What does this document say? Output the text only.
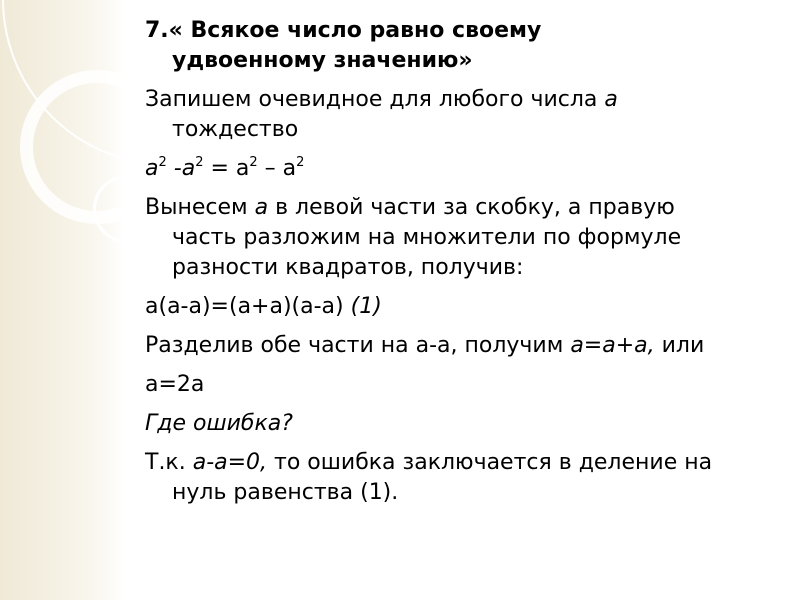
7.« Всякое число равно своему
удвоенному значению»
Запишем очевидное для любого числа а
тождество
$а^2$ $-а^2 = а^2 - а^2$
Вынесем а в левой части за скобку, а правую
часть разложим на множители по формуле
разности квадратов, получив:
а(а-а)=(а+а)(а-а) (1)
Разделив обе части на а-а, получим а=а+а, или
а=2а
Где ошибка?
Т.к. а-а=0, то ошибка заключается в деление на
нуль равенства (1).
